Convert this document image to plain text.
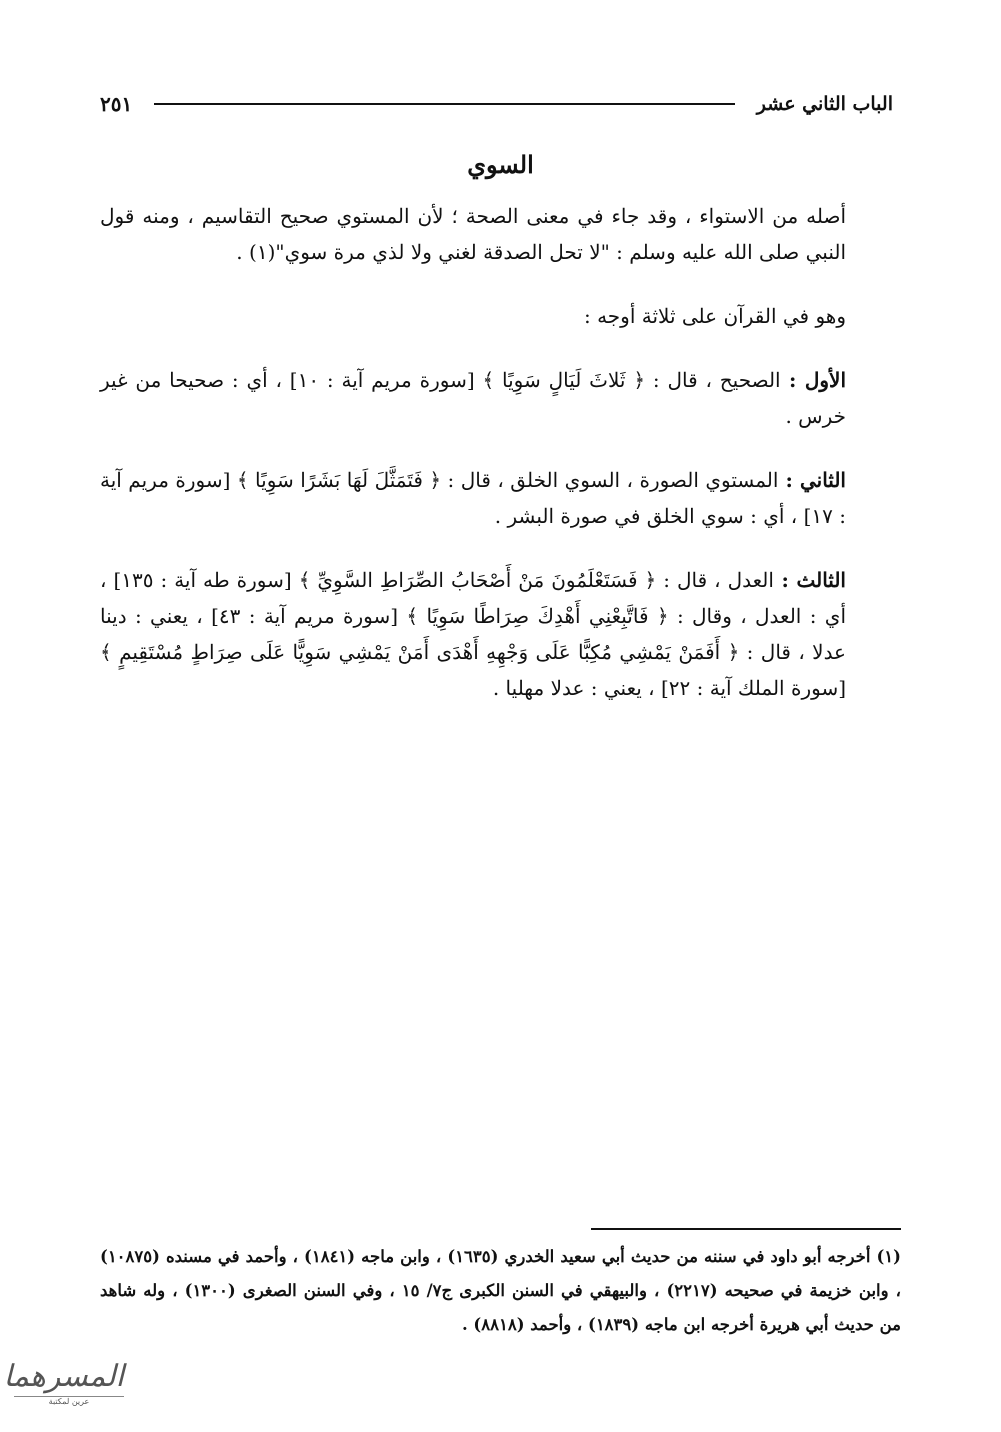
الباب الثاني عشر
٢٥١
السوي

أصله من الاستواء ، وقد جاء في معنى الصحة ؛ لأن المستوي صحيح التقاسيم ، ومنه قول النبي صلى الله عليه وسلم : "لا تحل الصدقة لغني ولا لذي مرة سوي"(١) .

وهو في القرآن على ثلاثة أوجه :

الأول : الصحيح ، قال : ﴿ ثَلاثَ لَيَالٍ سَوِيًا ﴾ [سورة مريم آية : ١٠] ، أي : صحيحا من غير خرس .

الثاني : المستوي الصورة ، السوي الخلق ، قال : ﴿ فَتَمَثَّلَ لَهَا بَشَرًا سَوِيًا ﴾ [سورة مريم آية : ١٧] ، أي : سوي الخلق في صورة البشر .

الثالث : العدل ، قال : ﴿ فَسَتَعْلَمُونَ مَنْ أَصْحَابُ الصِّرَاطِ السَّوِيِّ ﴾ [سورة طه آية : ١٣٥] ، أي : العدل ، وقال : ﴿ فَاتَّبِعْنِي أَهْدِكَ صِرَاطًا سَوِيًا ﴾ [سورة مريم آية : ٤٣] ، يعني : دينا عدلا ، قال : ﴿ أَفَمَنْ يَمْشِي مُكِبًّا عَلَى وَجْهِهِ أَهْدَى أَمَنْ يَمْشِي سَوِيًّا عَلَى صِرَاطٍ مُسْتَقِيمٍ ﴾ [سورة الملك آية : ٢٢] ، يعني : عدلا مهليا .

(١) أخرجه أبو داود في سننه من حديث أبي سعيد الخدري (١٦٣٥) ، وابن ماجه (١٨٤١) ، وأحمد في مسنده (١٠٨٧٥) ، وابن خزيمة في صحيحه (٢٢١٧) ، والبيهقي في السنن الكبرى ج٧/ ١٥ ، وفي السنن الصغرى (١٣٠٠) ، وله شاهد من حديث أبي هريرة أخرجه ابن ماجه (١٨٣٩) ، وأحمد (٨٨١٨) .
المسرهما
عرين لمكتبة
